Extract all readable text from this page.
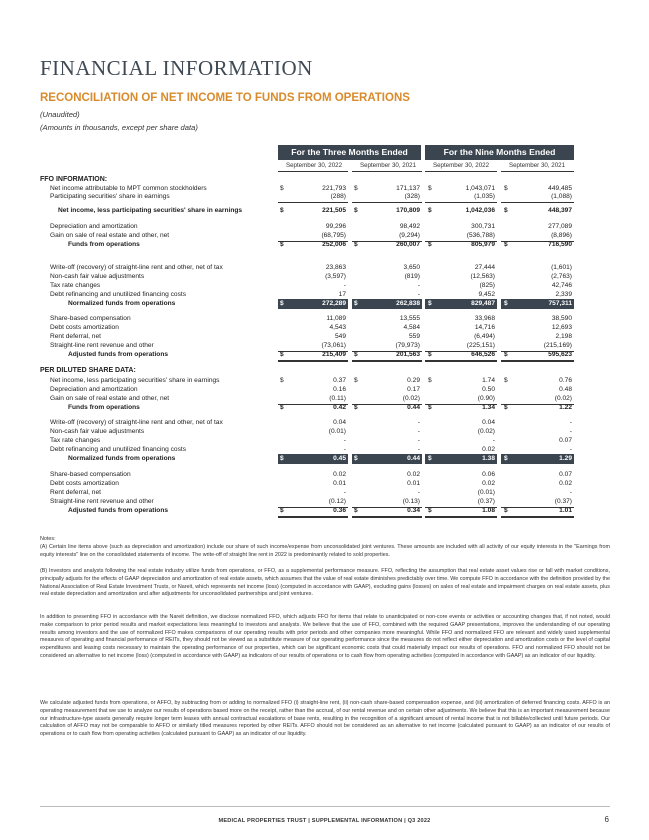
FINANCIAL INFORMATION
RECONCILIATION OF NET INCOME TO FUNDS FROM OPERATIONS
(Unaudited)
(Amounts in thousands, except per share data)
For the Three Months Ended	For the Nine Months Ended
September 30, 2022	September 30, 2021	September 30, 2022	September 30, 2021
FFO INFORMATION:
Net income attributable to MPT common stockholders	$	221,793 $	171,137 $	1,043,071 $	449,485
Participating securities' share in earnings	(288)	(328)	(1,035)	(1,088)
Net income, less participating securities' share in earnings	$	221,505 $	170,809 $	1,042,036 $	448,397
Depreciation and amortization	99,296	98,492	300,731	277,089
Gain on sale of real estate and other, net	(68,795)	(9,294)	(536,788)	(8,896)
Funds from operations	$	252,006 $	260,007 $	805,979 $	716,590
Write-off (recovery) of straight-line rent and other, net of tax	23,863	3,650	27,444	(1,601)
Non-cash fair value adjustments	(3,597)	(819)	(12,563)	(2,763)
Tax rate changes	-	-	(825)	42,746
Debt refinancing and unutilized financing costs	17	-	9,452	2,339
Normalized funds from operations	$	272,289 $	262,838 $	829,487 $	757,311
Share-based compensation	11,089	13,555	33,968	38,590
Debt costs amortization	4,543	4,584	14,716	12,693
Rent deferral, net	549	559	(6,494)	2,198
Straight-line rent revenue and other	(73,061)	(79,973)	(225,151)	(215,169)
Adjusted funds from operations	$	215,409 $	201,563 $	646,526 $	595,623
PER DILUTED SHARE DATA:
Net income, less participating securities' share in earnings	$	0.37 $	0.29 $	1.74 $	0.76
Depreciation and amortization	0.16	0.17	0.50	0.48
Gain on sale of real estate and other, net	(0.11)	(0.02)	(0.90)	(0.02)
Funds from operations	$	0.42 $	0.44 $	1.34 $	1.22
Write-off (recovery) of straight-line rent and other, net of tax	0.04	-	0.04	-
Non-cash fair value adjustments	(0.01)	-	(0.02)	-
Tax rate changes	-	-	-	0.07
Debt refinancing and unutilized financing costs	-	-	0.02	-
Normalized funds from operations	$	0.45 $	0.44 $	1.38 $	1.29
Share-based compensation	0.02	0.02	0.06	0.07
Debt costs amortization	0.01	0.01	0.02	0.02
Rent deferral, net	-	-	(0.01)	-
Straight-line rent revenue and other	(0.12)	(0.13)	(0.37)	(0.37)
Adjusted funds from operations	$	0.36 $	0.34 $	1.08 $	1.01
Notes:
(A) Certain line items above (such as depreciation and amortization) include our share of such income/expense from unconsolidated joint ventures. These amounts are included with all activity of our equity interests in the "Earnings from equity interests" line on the consolidated statements of income. The write-off of straight line rent in 2022 is predominantly related to sold properties.
(B) Investors and analysts following the real estate industry utilize funds from operations, or FFO, as a supplemental performance measure. FFO, reflecting the assumption that real estate asset values rise or fall with market conditions, principally adjusts for the effects of GAAP depreciation and amortization of real estate assets, which assumes that the value of real estate diminishes predictably over time. We compute FFO in accordance with the definition provided by the National Association of Real Estate Investment Trusts, or Nareit, which represents net income (loss) (computed in accordance with GAAP), excluding gains (losses) on sales of real estate and impairment charges on real estate assets, plus real estate depreciation and amortization and after adjustments for unconsolidated partnerships and joint ventures.
In addition to presenting FFO in accordance with the Nareit definition, we disclose normalized FFO, which adjusts FFO for items that relate to unanticipated or non-core events or activities or accounting changes that, if not noted, would make comparison to prior period results and market expectations less meaningful to investors and analysts. We believe that the use of FFO, combined with the required GAAP presentations, improves the understanding of our operating results among investors and the use of normalized FFO makes comparisons of our operating results with prior periods and other companies more meaningful. While FFO and normalized FFO are relevant and widely used supplemental measures of operating and financial performance of REITs, they should not be viewed as a substitute measure of our operating performance since the measures do not reflect either depreciation and amortization costs or the level of capital expenditures and leasing costs necessary to maintain the operating performance of our properties, which can be significant economic costs that could materially impact our results of operations. FFO and normalized FFO should not be considered an alternative to net income (loss) (computed in accordance with GAAP) as indicators of our results of operations or to cash flow from operating activities (computed in accordance with GAAP) as an indicator of our liquidity.
We calculate adjusted funds from operations, or AFFO, by subtracting from or adding to normalized FFO (i) straight-line rent, (ii) non-cash share-based compensation expense, and (iii) amortization of deferred financing costs. AFFO is an operating measurement that we use to analyze our results of operations based more on the receipt, rather than the accrual, of our rental revenue and on certain other adjustments. We believe that this is an important measurement because our infrastructure-type assets generally require longer term leases with annual contractual escalations of base rents, resulting in the recognition of a significant amount of rental income that is not billable/collected until future periods. Our calculation of AFFO may not be comparable to AFFO or similarly titled measures reported by other REITs. AFFO should not be considered as an alternative to net income (calculated pursuant to GAAP) as an indicator of our results of operations or to cash flow from operating activities (calculated pursuant to GAAP) as an indicator of our liquidity.
MEDICAL PROPERTIES TRUST | SUPPLEMENTAL INFORMATION | Q3 2022	6
